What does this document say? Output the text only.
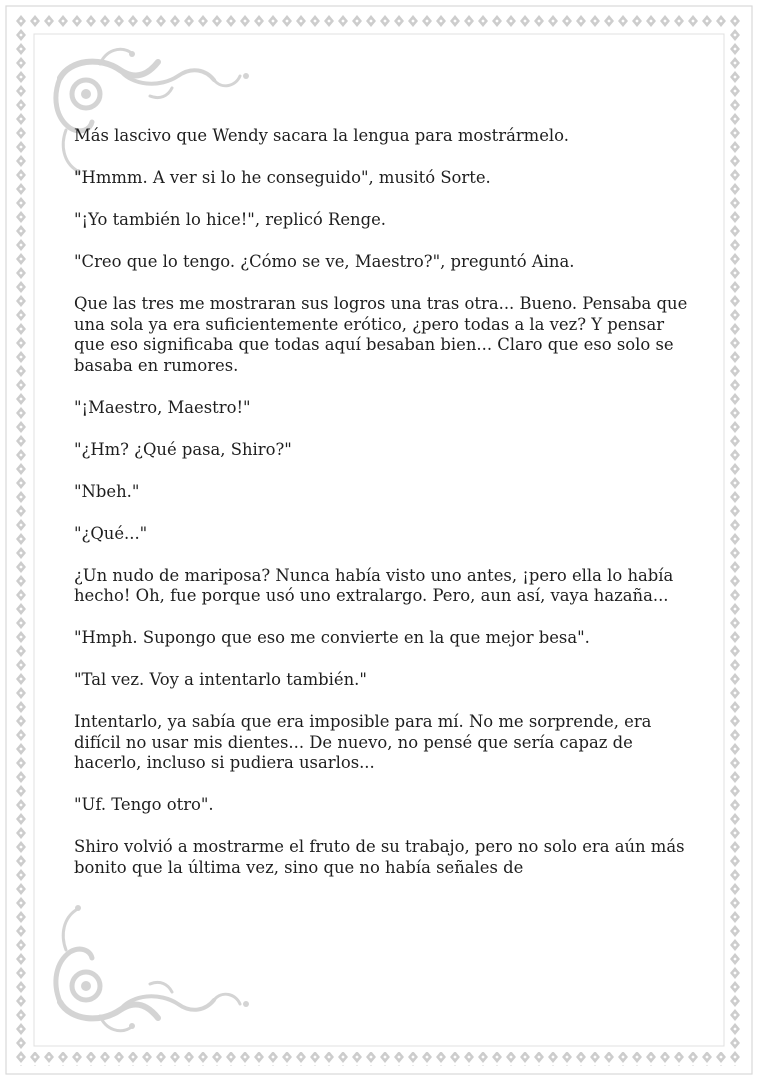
Más lascivo que Wendy sacara la lengua para mostrármelo.

"Hmmm. A ver si lo he conseguido", musitó Sorte.

"¡Yo también lo hice!", replicó Renge.

"Creo que lo tengo. ¿Cómo se ve, Maestro?", preguntó Aina.

Que las tres me mostraran sus logros una tras otra... Bueno. Pensaba que una sola ya era suficientemente erótico, ¿pero todas a la vez? Y pensar que eso significaba que todas aquí besaban bien... Claro que eso solo se basaba en rumores.

"¡Maestro, Maestro!"

"¿Hm? ¿Qué pasa, Shiro?"

"Nbeh."

"¿Qué..."

¿Un nudo de mariposa? Nunca había visto uno antes, ¡pero ella lo había hecho! Oh, fue porque usó uno extralargo. Pero, aun así, vaya hazaña...

"Hmph. Supongo que eso me convierte en la que mejor besa".

"Tal vez. Voy a intentarlo también."

Intentarlo, ya sabía que era imposible para mí. No me sorprende, era difícil no usar mis dientes... De nuevo, no pensé que sería capaz de hacerlo, incluso si pudiera usarlos...

"Uf. Tengo otro".

Shiro volvió a mostrarme el fruto de su trabajo, pero no solo era aún más bonito que la última vez, sino que no había señales de
